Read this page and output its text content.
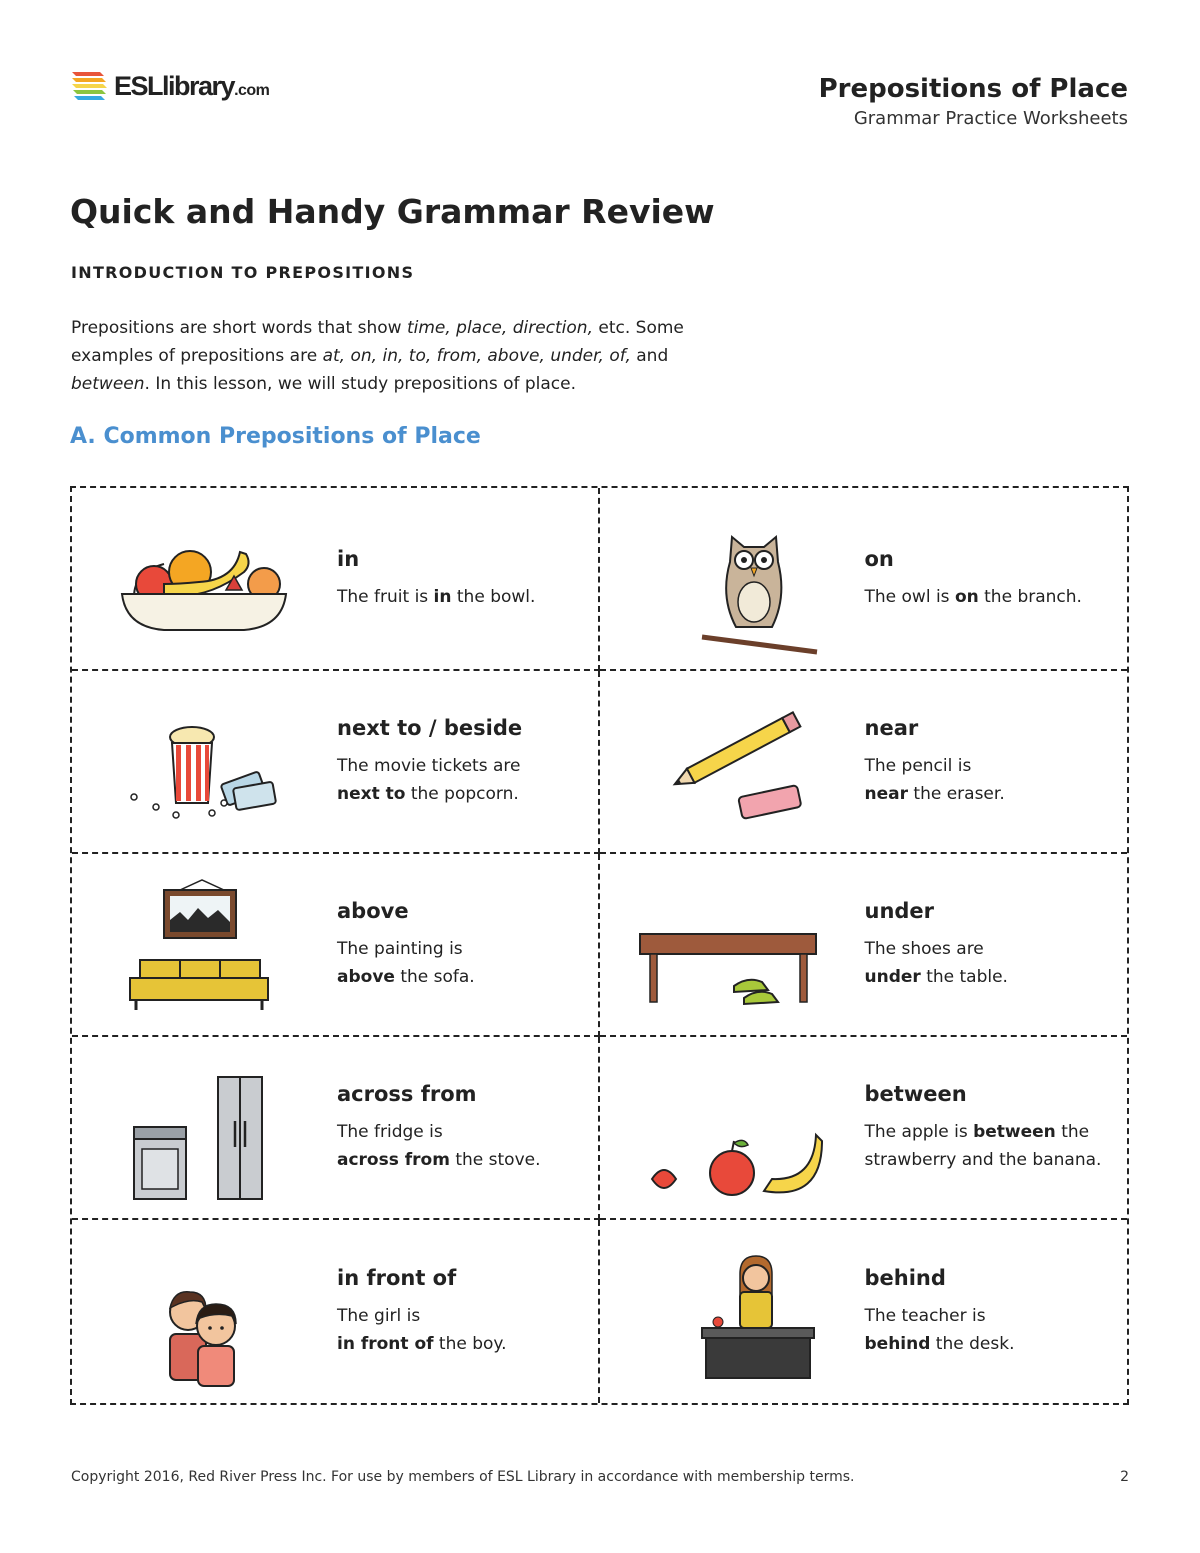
ESLlibrary.com	Prepositions of Place
Grammar Practice Worksheets
Quick and Handy Grammar Review
INTRODUCTION TO PREPOSITIONS

Prepositions are short words that show time, place, direction, etc. Some examples of prepositions are at, on, in, to, from, above, under, of, and between. In this lesson, we will study prepositions of place.

A. Common Prepositions of Place
in
The fruit is in the bowl.
on
The owl is on the branch.
next to / beside
The movie tickets are
next to the popcorn.
near
The pencil is
near the eraser.
above
The painting is
above the sofa.
under
The shoes are
under the table.
across from
The fridge is
across from the stove.
between
The apple is between the strawberry and the banana.
in front of
The girl is
in front of the boy.
behind
The teacher is
behind the desk.
Copyright 2016, Red River Press Inc. For use by members of ESL Library in accordance with membership terms.	2
